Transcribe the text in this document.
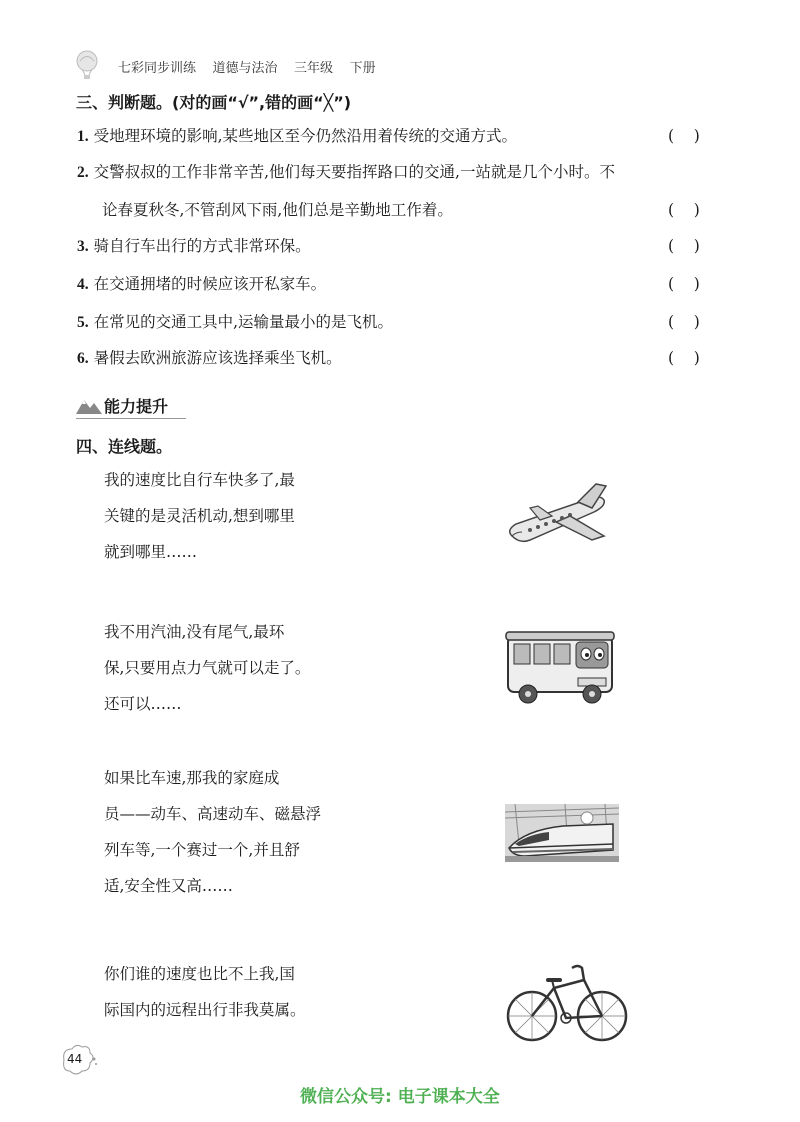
七彩同步训练    道德与法治    三年级    下册
三、判断题。(对的画“√”,错的画“╳”)
1. 受地理环境的影响,某些地区至今仍然沿用着传统的交通方式。	(    )
2. 交警叔叔的工作非常辛苦,他们每天要指挥路口的交通,一站就是几个小时。不
论春夏秋冬,不管刮风下雨,他们总是辛勤地工作着。	(    )
3. 骑自行车出行的方式非常环保。	(    )
4. 在交通拥堵的时候应该开私家车。	(    )
5. 在常见的交通工具中,运输量最小的是飞机。	(    )
6. 暑假去欧洲旅游应该选择乘坐飞机。	(    )
能力提升
四、连线题。
我的速度比自行车快多了,最
关键的是灵活机动,想到哪里
就到哪里……
我不用汽油,没有尾气,最环
保,只要用点力气就可以走了。
还可以……
如果比车速,那我的家庭成
员——动车、高速动车、磁悬浮
列车等,一个赛过一个,并且舒
适,安全性又高……
你们谁的速度也比不上我,国
际国内的远程出行非我莫属。
44
微信公众号: 电子课本大全
